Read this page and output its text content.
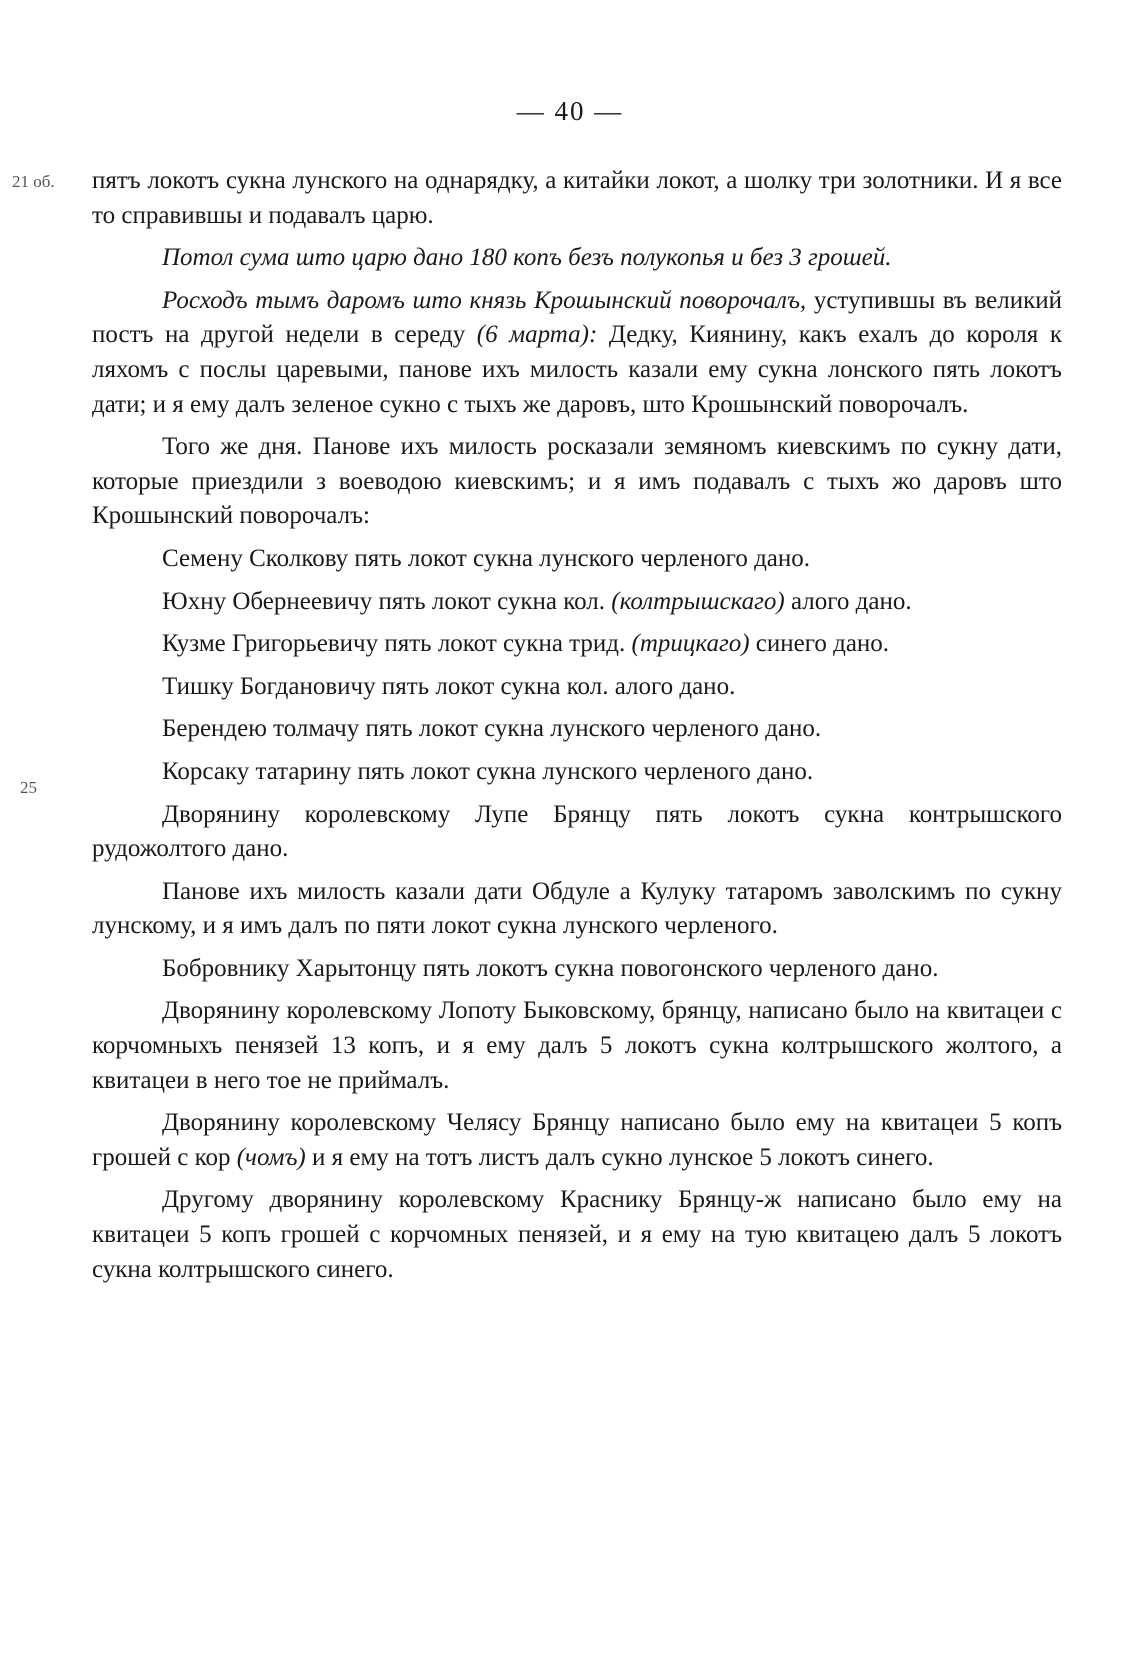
— 40 —
21 об.
25

пятъ локотъ сукна лунского на однарядку, а китайки локот, а шолку три золотники. И я все то справившы и подавалъ царю.

Потол сума што царю дано 180 копъ безъ полукопья и без 3 грошей.

Росходъ тымъ даромъ што князь Крошынский поворочалъ, уступившы въ великий постъ на другой недели в середу (6 марта): Дедку, Киянину, какъ ехалъ до короля к ляхомъ с послы царевыми, панове ихъ милость казали ему сукна лонского пять локотъ дати; и я ему далъ зеленое сукно с тыхъ же даровъ, што Крошынский поворочалъ.

Того же дня. Панове ихъ милость росказали земяномъ киевскимъ по сукну дати, которые приездили з воеводою киевскимъ; и я имъ подавалъ с тыхъ жо даровъ што Крошынский поворочалъ:

Семену Сколкову пять локот сукна лунского черленого дано.

Юхну Обернеевичу пять локот сукна кол. (колтрышскаго) алого дано.

Кузме Григорьевичу пять локот сукна трид. (трицкаго) синего дано.

Тишку Богдановичу пять локот сукна кол. алого дано.

Берендею толмачу пять локот сукна лунского черленого дано.

Корсаку татарину пять локот сукна лунского черленого дано.

Дворянину королевскому Лупе Брянцу пять локотъ сукна контрышского рудожолтого дано.

Панове ихъ милость казали дати Обдуле а Кулуку татаромъ заволскимъ по сукну лунскому, и я имъ далъ по пяти локот сукна лунского черленого.

Бобровнику Харытонцу пять локотъ сукна повогонского черленого дано.

Дворянину королевскому Лопоту Быковскому, брянцу, написано было на квитацеи с корчомныхъ пенязей 13 копъ, и я ему далъ 5 локотъ сукна колтрышского жолтого, а квитацеи в него тое не приймалъ.

Дворянину королевскому Челясу Брянцу написано было ему на квитацеи 5 копъ грошей с кор (чомъ) и я ему на тотъ листъ далъ сукно лунское 5 локотъ синего.

Другому дворянину королевскому Краснику Брянцу-ж написано было ему на квитацеи 5 копъ грошей с корчомных пенязей, и я ему на тую квитацею далъ 5 локотъ сукна колтрышского синего.
